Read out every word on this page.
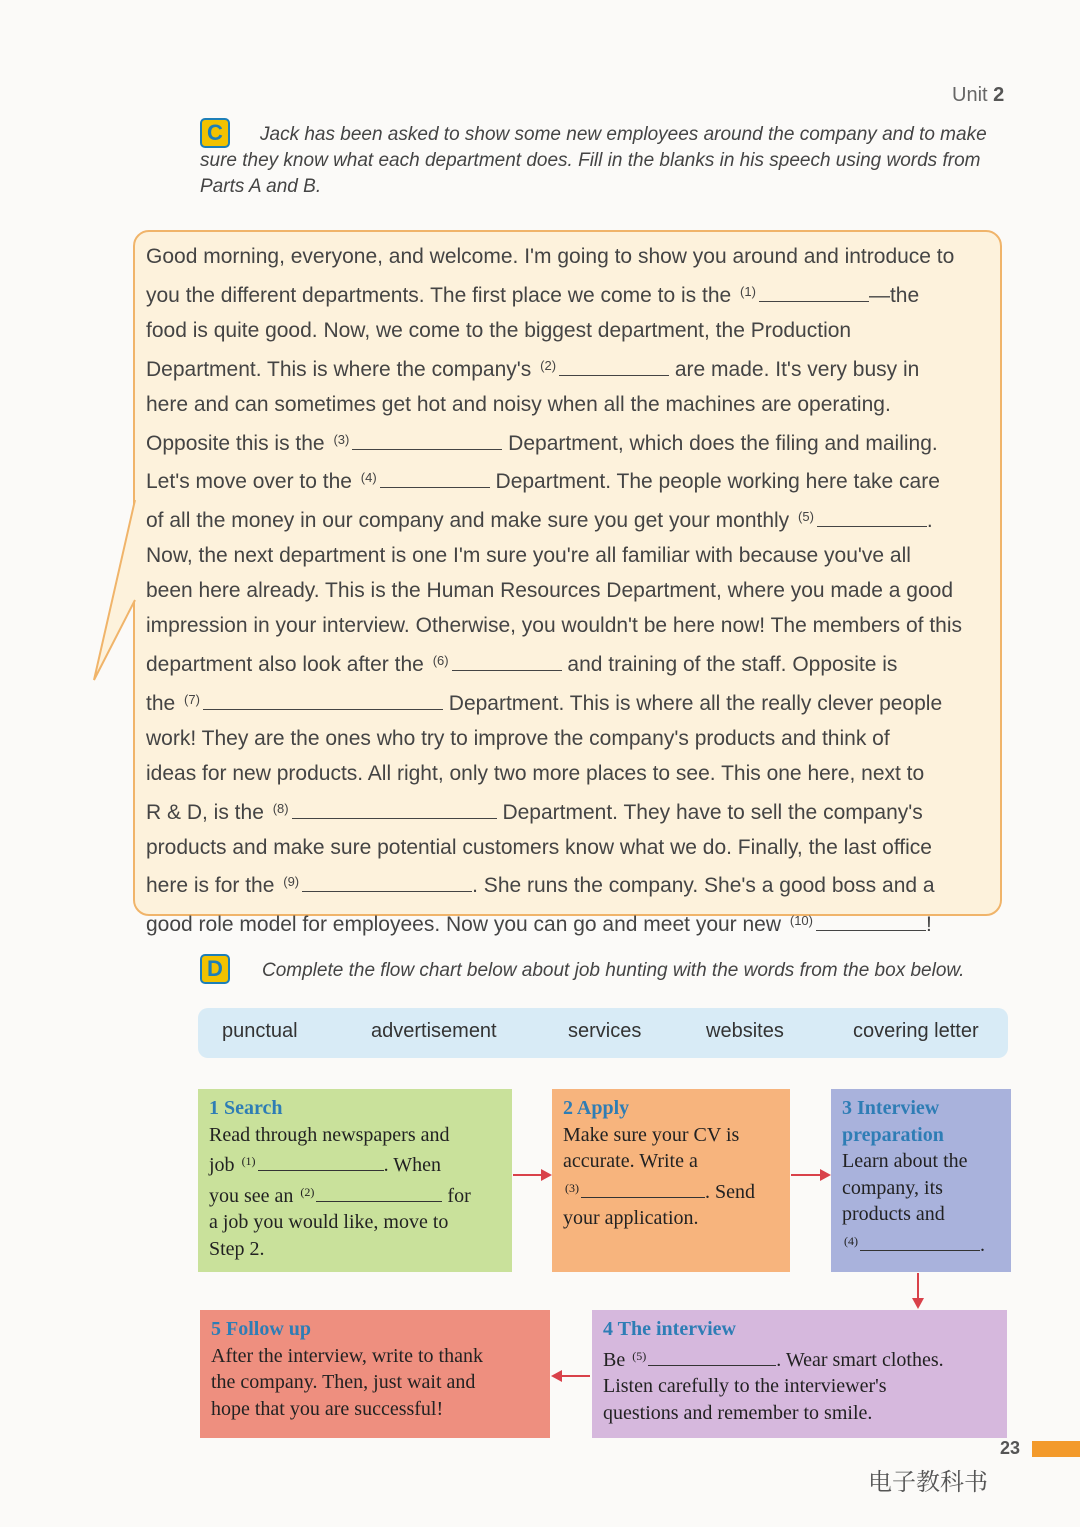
Unit 2
C	Jack has been asked to show some new employees around the company and to make sure they know what each department does. Fill in the blanks in his speech using words from Parts A and B.
Good morning, everyone, and welcome. I'm going to show you around and introduce to
you the different departments. The first place we come to is the $^{(1)}$	—the
food is quite good. Now, we come to the biggest department, the Production
Department. This is where the company's $^{(2)}$	are made. It's very busy in
here and can sometimes get hot and noisy when all the machines are operating.
Opposite this is the $^{(3)}$	Department, which does the filing and mailing.
Let's move over to the $^{(4)}$	Department. The people working here take care
of all the money in our company and make sure you get your monthly $^{(5)}$	.
Now, the next department is one I'm sure you're all familiar with because you've all
been here already. This is the Human Resources Department, where you made a good
impression in your interview. Otherwise, you wouldn't be here now! The members of this
department also look after the $^{(6)}$	and training of the staff. Opposite is
the $^{(7)}$	Department. This is where all the really clever people
work! They are the ones who try to improve the company's products and think of
ideas for new products. All right, only two more places to see. This one here, next to
R & D, is the $^{(8)}$	Department. They have to sell the company's
products and make sure potential customers know what we do. Finally, the last office
here is for the $^{(9)}$	. She runs the company. She's a good boss and a
good role model for employees. Now you can go and meet your new $^{(10)}$	!
D	Complete the flow chart below about job hunting with the words from the box below.
punctual	advertisement	services	websites	covering letter
1 Search
Read through newspapers and
job $^{(1)}$	. When
you see an $^{(2)}$	for
a job you would like, move to
Step 2.
2 Apply
Make sure your CV is
accurate. Write a
$^{(3)}$	. Send
your application.
3 Interview
preparation
Learn about the
company, its
products and
$^{(4)}$	.
4 The interview
Be $^{(5)}$	. Wear smart clothes.
Listen carefully to the interviewer's
questions and remember to smile.
5 Follow up
After the interview, write to thank
the company. Then, just wait and
hope that you are successful!
23
电子教科书
